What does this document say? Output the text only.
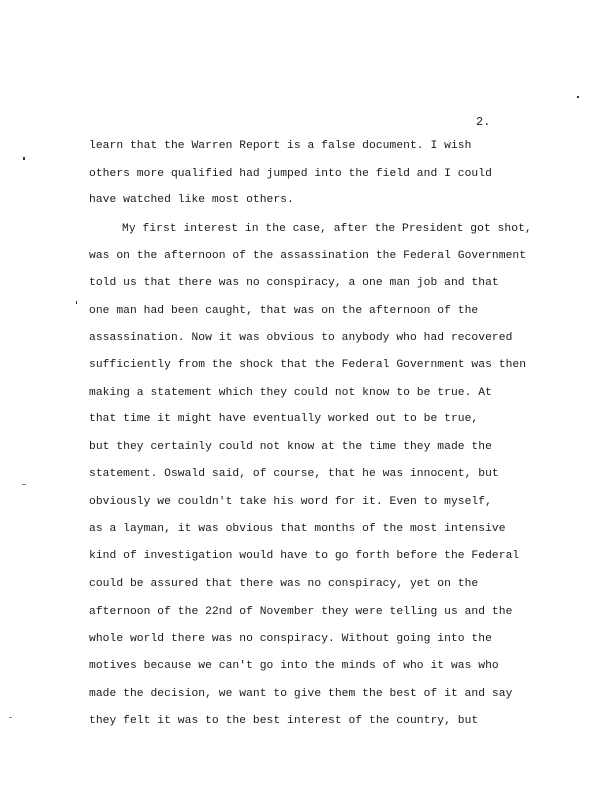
2.
learn that the Warren Report is a false document. I wish
others more qualified had jumped into the field and I could
have watched like most others.
My first interest in the case, after the President got shot,
was on the afternoon of the assassination the Federal Government
told us that there was no conspiracy, a one man job and that
one man had been caught, that was on the afternoon of the
assassination. Now it was obvious to anybody who had recovered
sufficiently from the shock that the Federal Government was then
making a statement which they could not know to be true. At
that time it might have eventually worked out to be true,
but they certainly could not know at the time they made the
statement. Oswald said, of course, that he was innocent, but
obviously we couldn't take his word for it. Even to myself,
as a layman, it was obvious that months of the most intensive
kind of investigation would have to go forth before the Federal
could be assured that there was no conspiracy, yet on the
afternoon of the 22nd of November they were telling us and the
whole world there was no conspiracy. Without going into the
motives because we can't go into the minds of who it was who
made the decision, we want to give them the best of it and say
they felt it was to the best interest of the country, but
